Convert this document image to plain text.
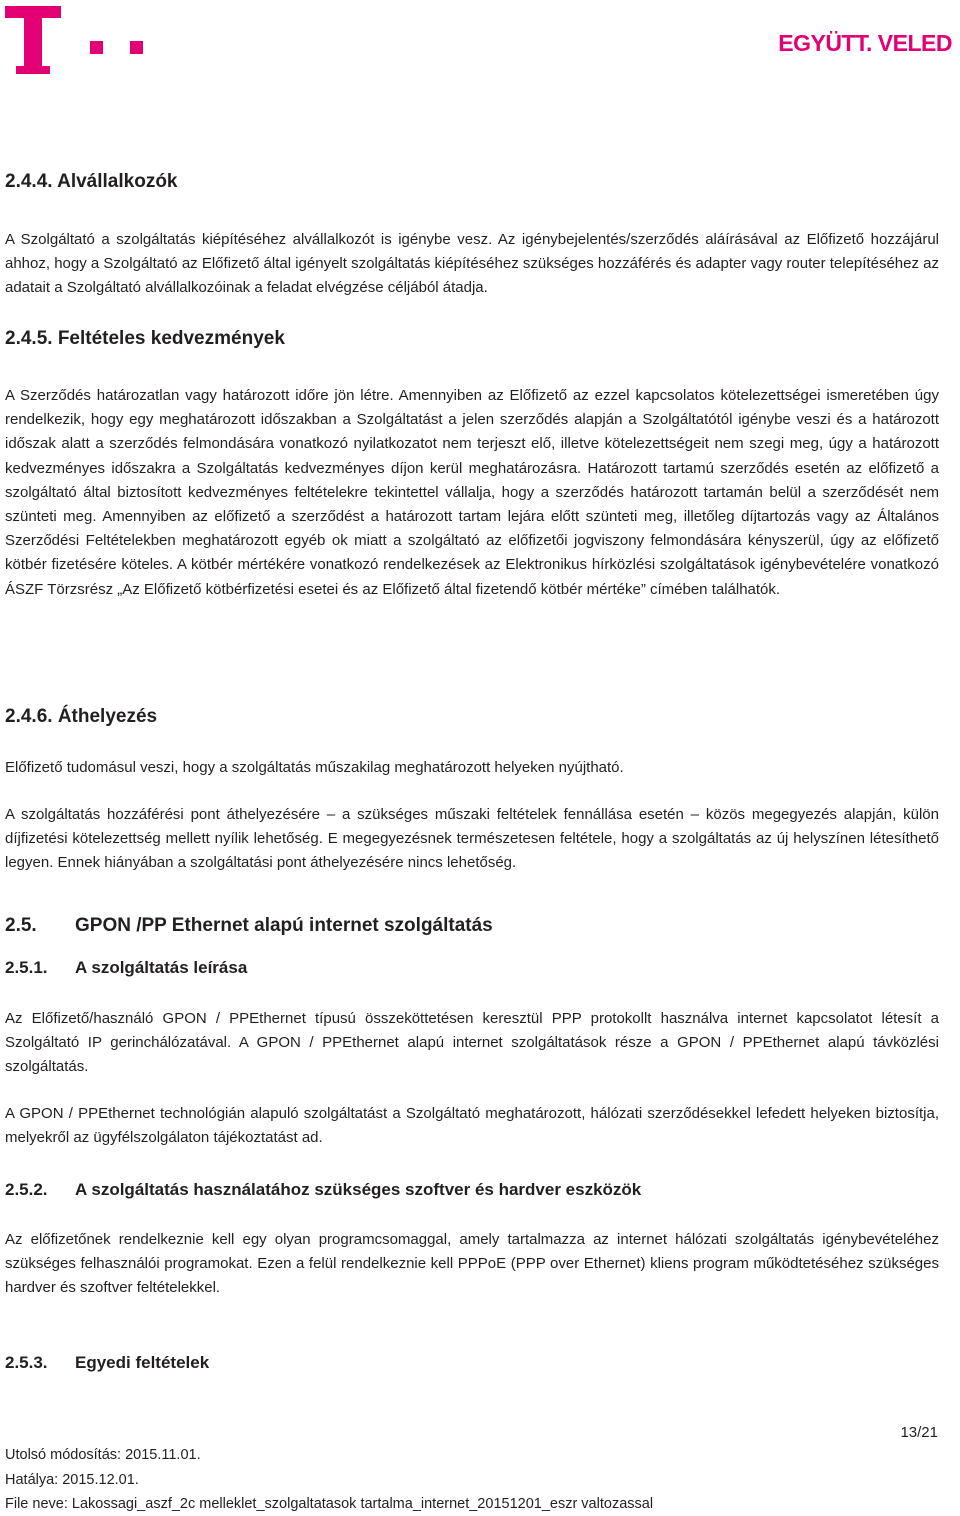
EGYÜTT. VELED
2.4.4. Alvállalkozók

A Szolgáltató a szolgáltatás kiépítéséhez alvállalkozót is igénybe vesz. Az igénybejelentés/szerződés aláírásával az Előfizető hozzájárul ahhoz, hogy a Szolgáltató az Előfizető által igényelt szolgáltatás kiépítéséhez szükséges hozzáférés és adapter vagy router telepítéséhez az adatait a Szolgáltató alvállalkozóinak a feladat elvégzése céljából átadja.

2.4.5. Feltételes kedvezmények

A Szerződés határozatlan vagy határozott időre jön létre. Amennyiben az Előfizető az ezzel kapcsolatos kötelezettségei ismeretében úgy rendelkezik, hogy egy meghatározott időszakban a Szolgáltatást a jelen szerződés alapján a Szolgáltatótól igénybe veszi és a határozott időszak alatt a szerződés felmondására vonatkozó nyilatkozatot nem terjeszt elő, illetve kötelezettségeit nem szegi meg, úgy a határozott kedvezményes időszakra a Szolgáltatás kedvezményes díjon kerül meghatározásra. Határozott tartamú szerződés esetén az előfizető a szolgáltató által biztosított kedvezményes feltételekre tekintettel vállalja, hogy a szerződés határozott tartamán belül a szerződését nem szünteti meg. Amennyiben az előfizető a szerződést a határozott tartam lejára előtt szünteti meg, illetőleg díjtartozás vagy az Általános Szerződési Feltételekben meghatározott egyéb ok miatt a szolgáltató az előfizetői jogviszony felmondására kényszerül, úgy az előfizető kötbér fizetésére köteles. A kötbér mértékére vonatkozó rendelkezések az Elektronikus hírközlési szolgáltatások igénybevételére vonatkozó ÁSZF Törzsrész „Az Előfizető kötbérfizetési esetei és az Előfizető által fizetendő kötbér mértéke” címében találhatók.

2.4.6. Áthelyezés

Előfizető tudomásul veszi, hogy a szolgáltatás műszakilag meghatározott helyeken nyújtható.

A szolgáltatás hozzáférési pont áthelyezésére – a szükséges műszaki feltételek fennállása esetén – közös megegyezés alapján, külön díjfizetési kötelezettség mellett nyílik lehetőség. E megegyezésnek természetesen feltétele, hogy a szolgáltatás az új helyszínen létesíthető legyen. Ennek hiányában a szolgáltatási pont áthelyezésére nincs lehetőség.

2.5. GPON /PP Ethernet alapú internet szolgáltatás
2.5.1. A szolgáltatás leírása

Az Előfizető/használó GPON / PPEthernet típusú összeköttetésen keresztül PPP protokollt használva internet kapcsolatot létesít a Szolgáltató IP gerinchálózatával. A GPON / PPEthernet alapú internet szolgáltatások része a GPON / PPEthernet alapú távközlési szolgáltatás.

A GPON / PPEthernet technológián alapuló szolgáltatást a Szolgáltató meghatározott, hálózati szerződésekkel lefedett helyeken biztosítja, melyekről az ügyfélszolgálaton tájékoztatást ad.

2.5.2. A szolgáltatás használatához szükséges szoftver és hardver eszközök

Az előfizetőnek rendelkeznie kell egy olyan programcsomaggal, amely tartalmazza az internet hálózati szolgáltatás igénybevételéhez szükséges felhasználói programokat. Ezen a felül rendelkeznie kell PPPoE (PPP over Ethernet) kliens program működtetéséhez szükséges hardver és szoftver feltételekkel.

2.5.3. Egyedi feltételek
13/21
Utolsó módosítás: 2015.11.01.
Hatálya: 2015.12.01.
File neve: Lakossagi_aszf_2c melleklet_szolgaltatasok tartalma_internet_20151201_eszr valtozassal
